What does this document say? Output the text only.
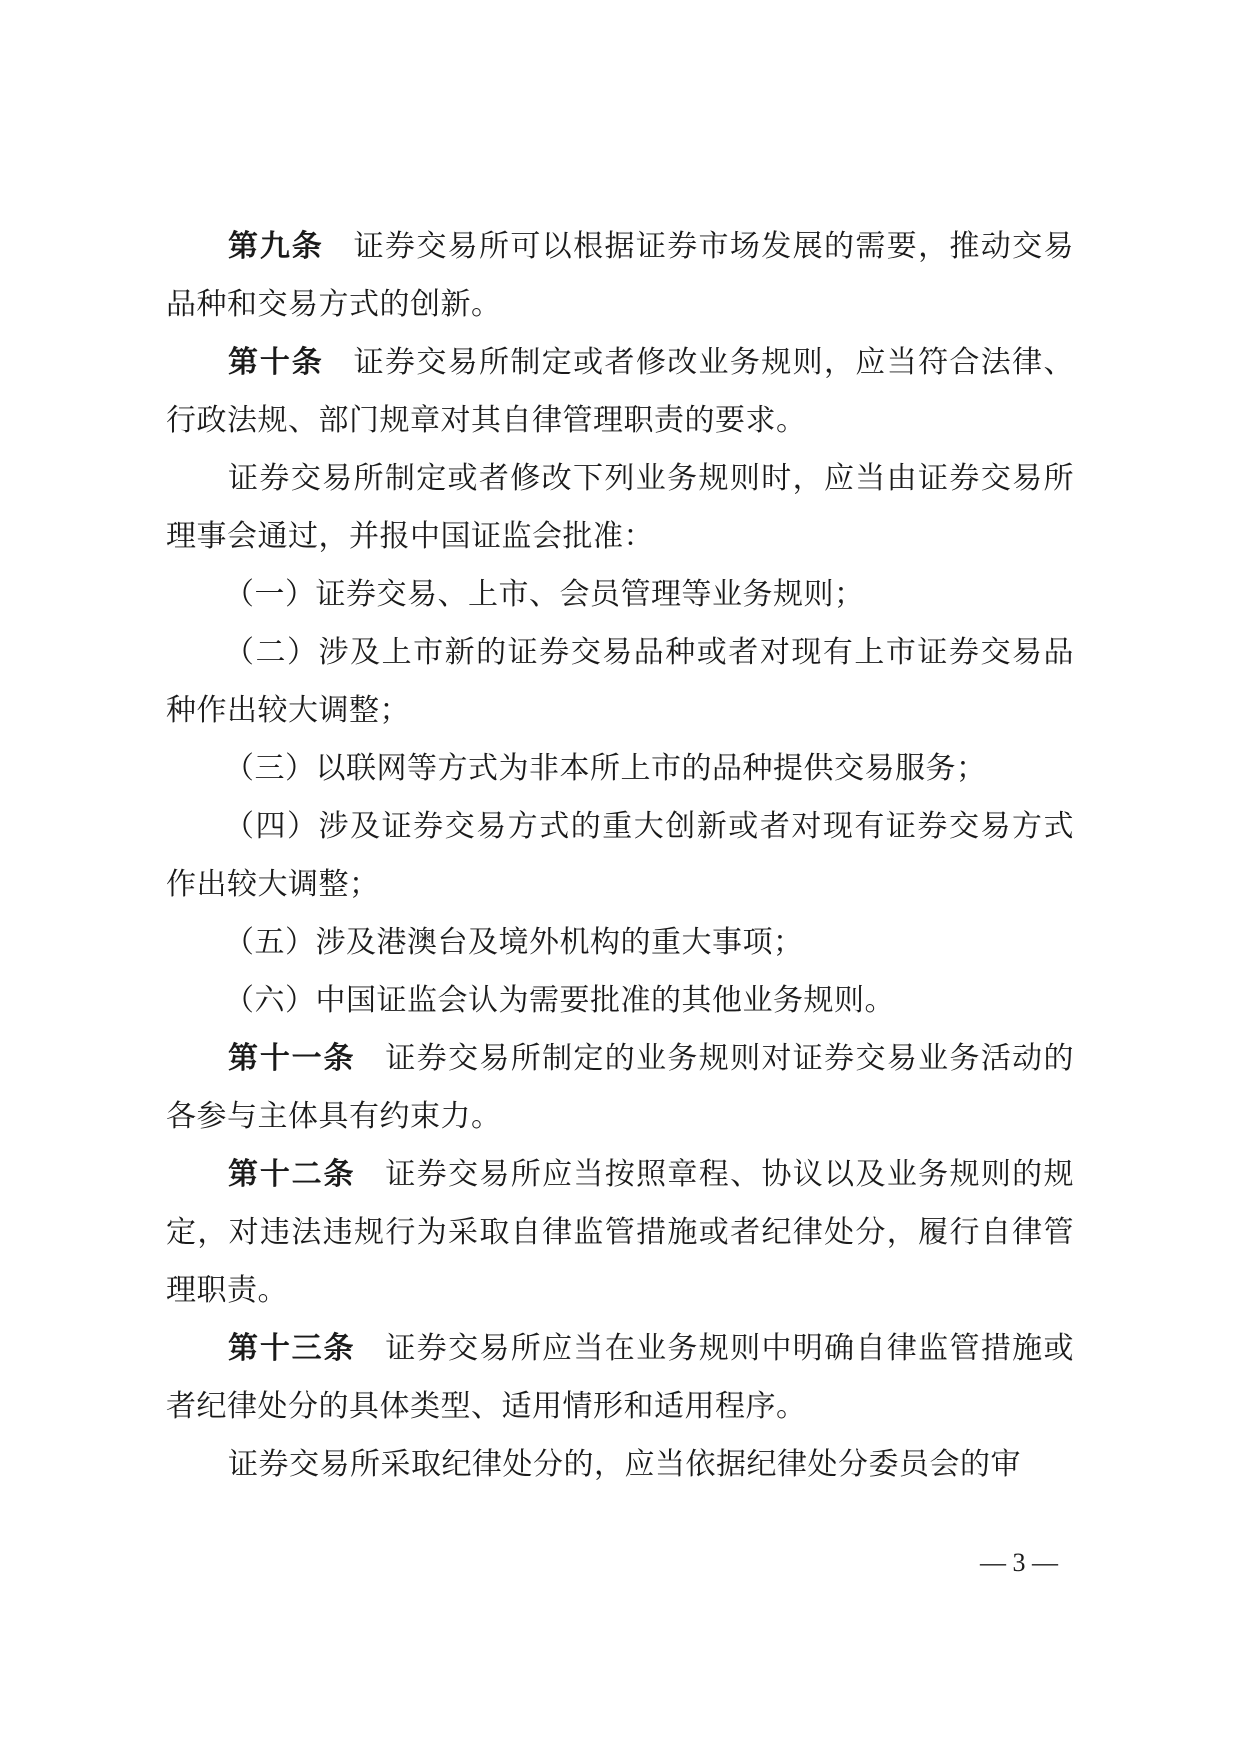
第九条 证券交易所可以根据证券市场发展的需要，推动交易品种和交易方式的创新。

第十条 证券交易所制定或者修改业务规则，应当符合法律、行政法规、部门规章对其自律管理职责的要求。

证券交易所制定或者修改下列业务规则时，应当由证券交易所理事会通过，并报中国证监会批准：

（一）证券交易、上市、会员管理等业务规则；

（二）涉及上市新的证券交易品种或者对现有上市证券交易品种作出较大调整；

（三）以联网等方式为非本所上市的品种提供交易服务；

（四）涉及证券交易方式的重大创新或者对现有证券交易方式作出较大调整；

（五）涉及港澳台及境外机构的重大事项；

（六）中国证监会认为需要批准的其他业务规则。

第十一条 证券交易所制定的业务规则对证券交易业务活动的各参与主体具有约束力。

第十二条 证券交易所应当按照章程、协议以及业务规则的规定，对违法违规行为采取自律监管措施或者纪律处分，履行自律管理职责。

第十三条 证券交易所应当在业务规则中明确自律监管措施或者纪律处分的具体类型、适用情形和适用程序。

证券交易所采取纪律处分的，应当依据纪律处分委员会的审

— 3 —
